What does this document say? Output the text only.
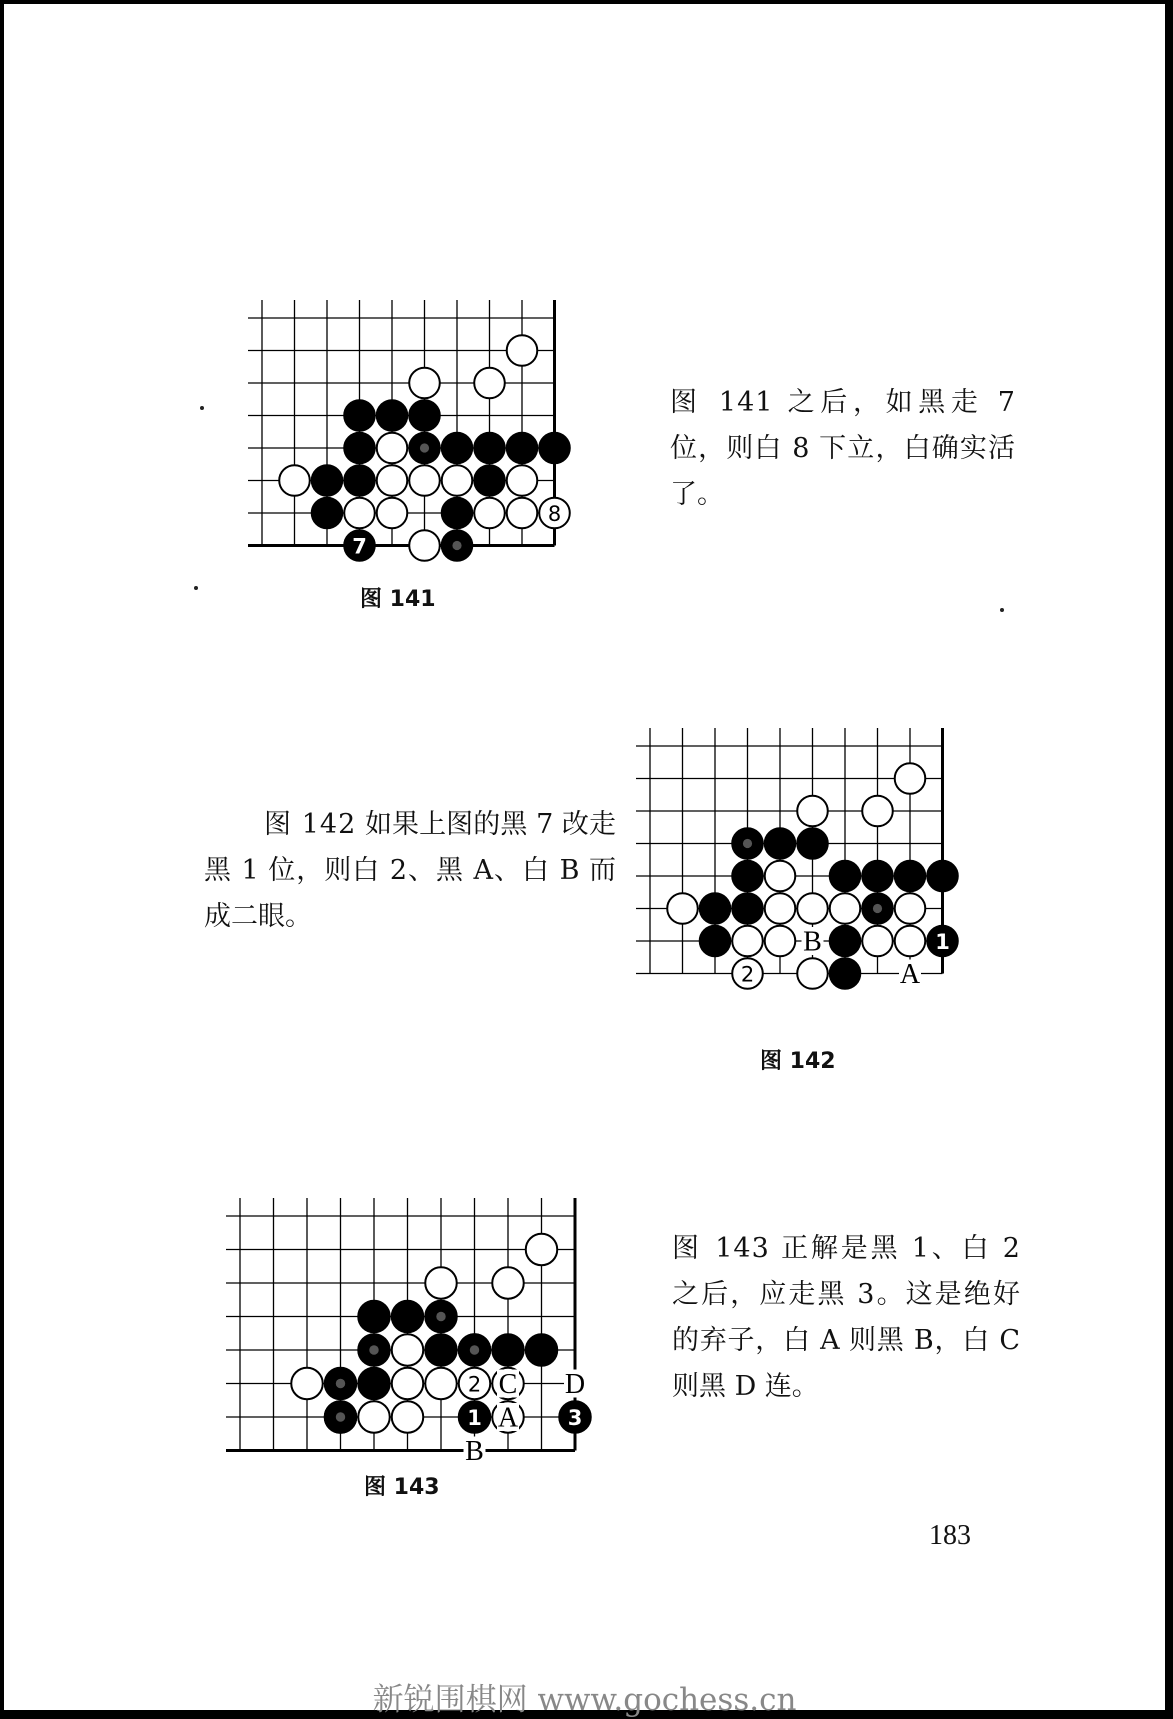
8
7
图 141
图 141 之后，如黑走 7 位，则白 8 下立，白确实活了。
图 142 如果上图的黑 7 改走黑 1 位，则白 2、黑 A、白 B 而成二眼。
2
1
B
A
图 142
2
1	3
C D
A
B
图 143
图 143 正解是黑 1、白 2 之后，应走黑 3。这是绝好的弃子，白 A 则黑 B，白 C 则黑 D 连。
183
新锐围棋网 www.gochess.cn
